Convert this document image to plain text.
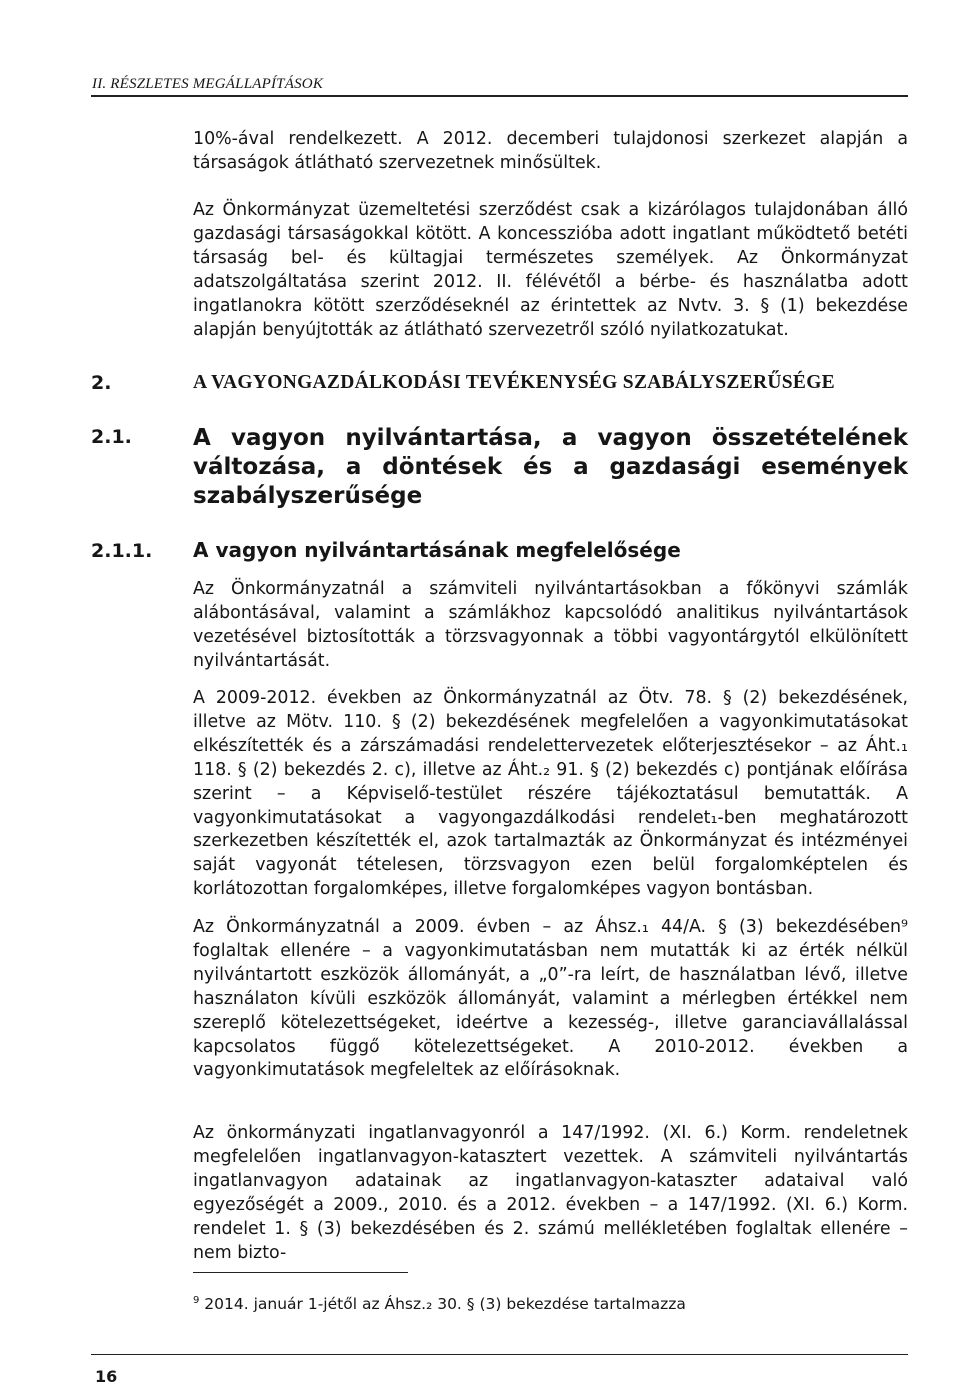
II. RÉSZLETES MEGÁLLAPÍTÁSOK

10%-ával rendelkezett. A 2012. decemberi tulajdonosi szerkezet alapján a társaságok átlátható szervezetnek minősültek.

Az Önkormányzat üzemeltetési szerződést csak a kizárólagos tulajdonában álló gazdasági társaságokkal kötött. A koncesszióba adott ingatlant működtető betéti társaság bel- és kültagjai természetes személyek. Az Önkormányzat adatszolgáltatása szerint 2012. II. félévétől a bérbe- és használatba adott ingatlanokra kötött szerződéseknél az érintettek az Nvtv. 3. § (1) bekezdése alapján benyújtották az átlátható szervezetről szóló nyilatkozatukat.

2.	A VAGYONGAZDÁLKODÁSI TEVÉKENYSÉG SZABÁLYSZERŰSÉGE
2.1.	A vagyon nyilvántartása, a vagyon összetételének változása, a döntések és a gazdasági események szabályszerűsége
2.1.1. A vagyon nyilvántartásának megfelelősége

Az Önkormányzatnál a számviteli nyilvántartásokban a főkönyvi számlák alábontásával, valamint a számlákhoz kapcsolódó analitikus nyilvántartások vezetésével biztosították a törzsvagyonnak a többi vagyontárgytól elkülönített nyilvántartását.

A 2009-2012. években az Önkormányzatnál az Ötv. 78. § (2) bekezdésének, illetve az Mötv. 110. § (2) bekezdésének megfelelően a vagyonkimutatásokat elkészítették és a zárszámadási rendelettervezetek előterjesztésekor – az Áht.₁ 118. § (2) bekezdés 2. c), illetve az Áht.₂ 91. § (2) bekezdés c) pontjának előírása szerint – a Képviselő-testület részére tájékoztatásul bemutatták. A vagyonkimutatásokat a vagyongazdálkodási rendelet₁-ben meghatározott szerkezetben készítették el, azok tartalmazták az Önkormányzat és intézményei saját vagyonát tételesen, törzsvagyon ezen belül forgalomképtelen és korlátozottan forgalomképes, illetve forgalomképes vagyon bontásban.

Az Önkormányzatnál a 2009. évben – az Áhsz.₁ 44/A. § (3) bekezdésében⁹ foglaltak ellenére – a vagyonkimutatásban nem mutatták ki az érték nélkül nyilvántartott eszközök állományát, a „0”-ra leírt, de használatban lévő, illetve használaton kívüli eszközök állományát, valamint a mérlegben értékkel nem szereplő kötelezettségeket, ideértve a kezesség-, illetve garanciavállalással kapcsolatos függő kötelezettségeket. A 2010-2012. években a vagyonkimutatások megfeleltek az előírásoknak.

Az önkormányzati ingatlanvagyonról a 147/1992. (XI. 6.) Korm. rendeletnek megfelelően ingatlanvagyon-katasztert vezettek. A számviteli nyilvántartás ingatlanvagyon adatainak az ingatlanvagyon-kataszter adataival való egyezőségét a 2009., 2010. és a 2012. években – a 147/1992. (XI. 6.) Korm. rendelet 1. § (3) bekezdésében és 2. számú mellékletében foglaltak ellenére – nem bizto-

$^9$ 2014. január 1-jétől az Áhsz.₂ 30. § (3) bekezdése tartalmazza
16
